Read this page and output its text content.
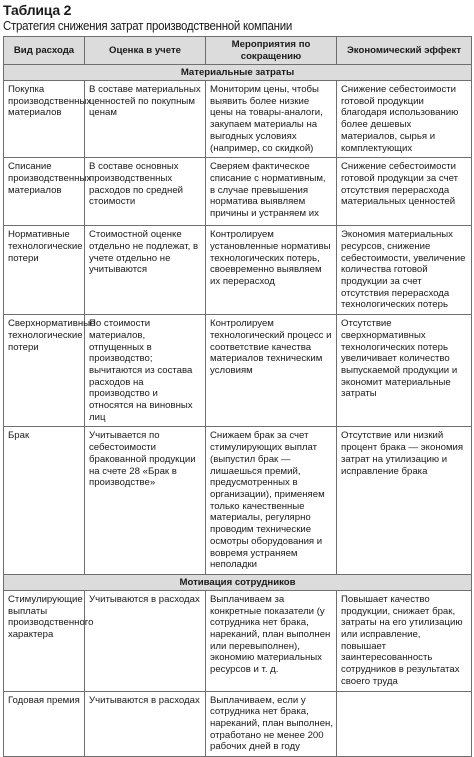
Таблица 2
Стратегия снижения затрат производственной компании
Вид расхода	Оценка в учете	Мероприятия по сокращению	Экономический эффект
Материальные затраты			
Покупка производственных материалов	В составе материальных ценностей по покупным ценам	Мониторим цены, чтобы выявить более низкие цены на товары-аналоги, закупаем материалы на выгодных условиях (например, со скидкой)	Снижение себестоимости готовой продукции благодаря использованию более дешевых материалов, сырья и комплектующих
Списание производственных материалов	В составе основных производственных расходов по средней стоимости	Сверяем фактическое списание с нормативным, в случае превышения норматива выявляем причины и устраняем их	Снижение себестоимости готовой продукции за счет отсутствия перерасхода материальных ценностей
Нормативные технологические потери	Стоимостной оценке отдельно не подлежат, в учете отдельно не учитываются	Контролируем установленные нормативы технологических потерь, своевременно выявляем их перерасход	Экономия материальных ресурсов, снижение себестоимости, увеличение количества готовой продукции за счет отсутствия перерасхода технологических потерь
Сверхнормативные технологические потери	По стоимости материалов, отпущенных в производство; вычитаются из состава расходов на производство и относятся на виновных лиц	Контролируем технологический процесс и соответствие качества материалов техническим условиям	Отсутствие сверхнормативных технологических потерь увеличивает количество выпускаемой продукции и экономит материальные затраты
Брак	Учитывается по себестоимости бракованной продукции на счете 28 «Брак в производстве»	Снижаем брак за счет стимулирующих выплат (выпустил брак — лишаешься премий, предусмотренных в организации), применяем только качественные материалы, регулярно проводим технические осмотры оборудования и вовремя устраняем неполадки	Отсутствие или низкий процент брака — экономия затрат на утилизацию и исправление брака
Мотивация сотрудников			
Стимулирующие выплаты производственного характера	Учитываются в расходах	Выплачиваем за конкретные показатели (у сотрудника нет брака, нареканий, план выполнен или перевыполнен), экономию материальных ресурсов и т. д.	Повышает качество продукции, снижает брак, затраты на его утилизацию или исправление, повышает заинтересованность сотрудников в результатах своего труда
Годовая премия	Учитываются в расходах	Выплачиваем, если у сотрудника нет брака, нареканий, план выполнен, отработано не менее 200 рабочих дней в году	
